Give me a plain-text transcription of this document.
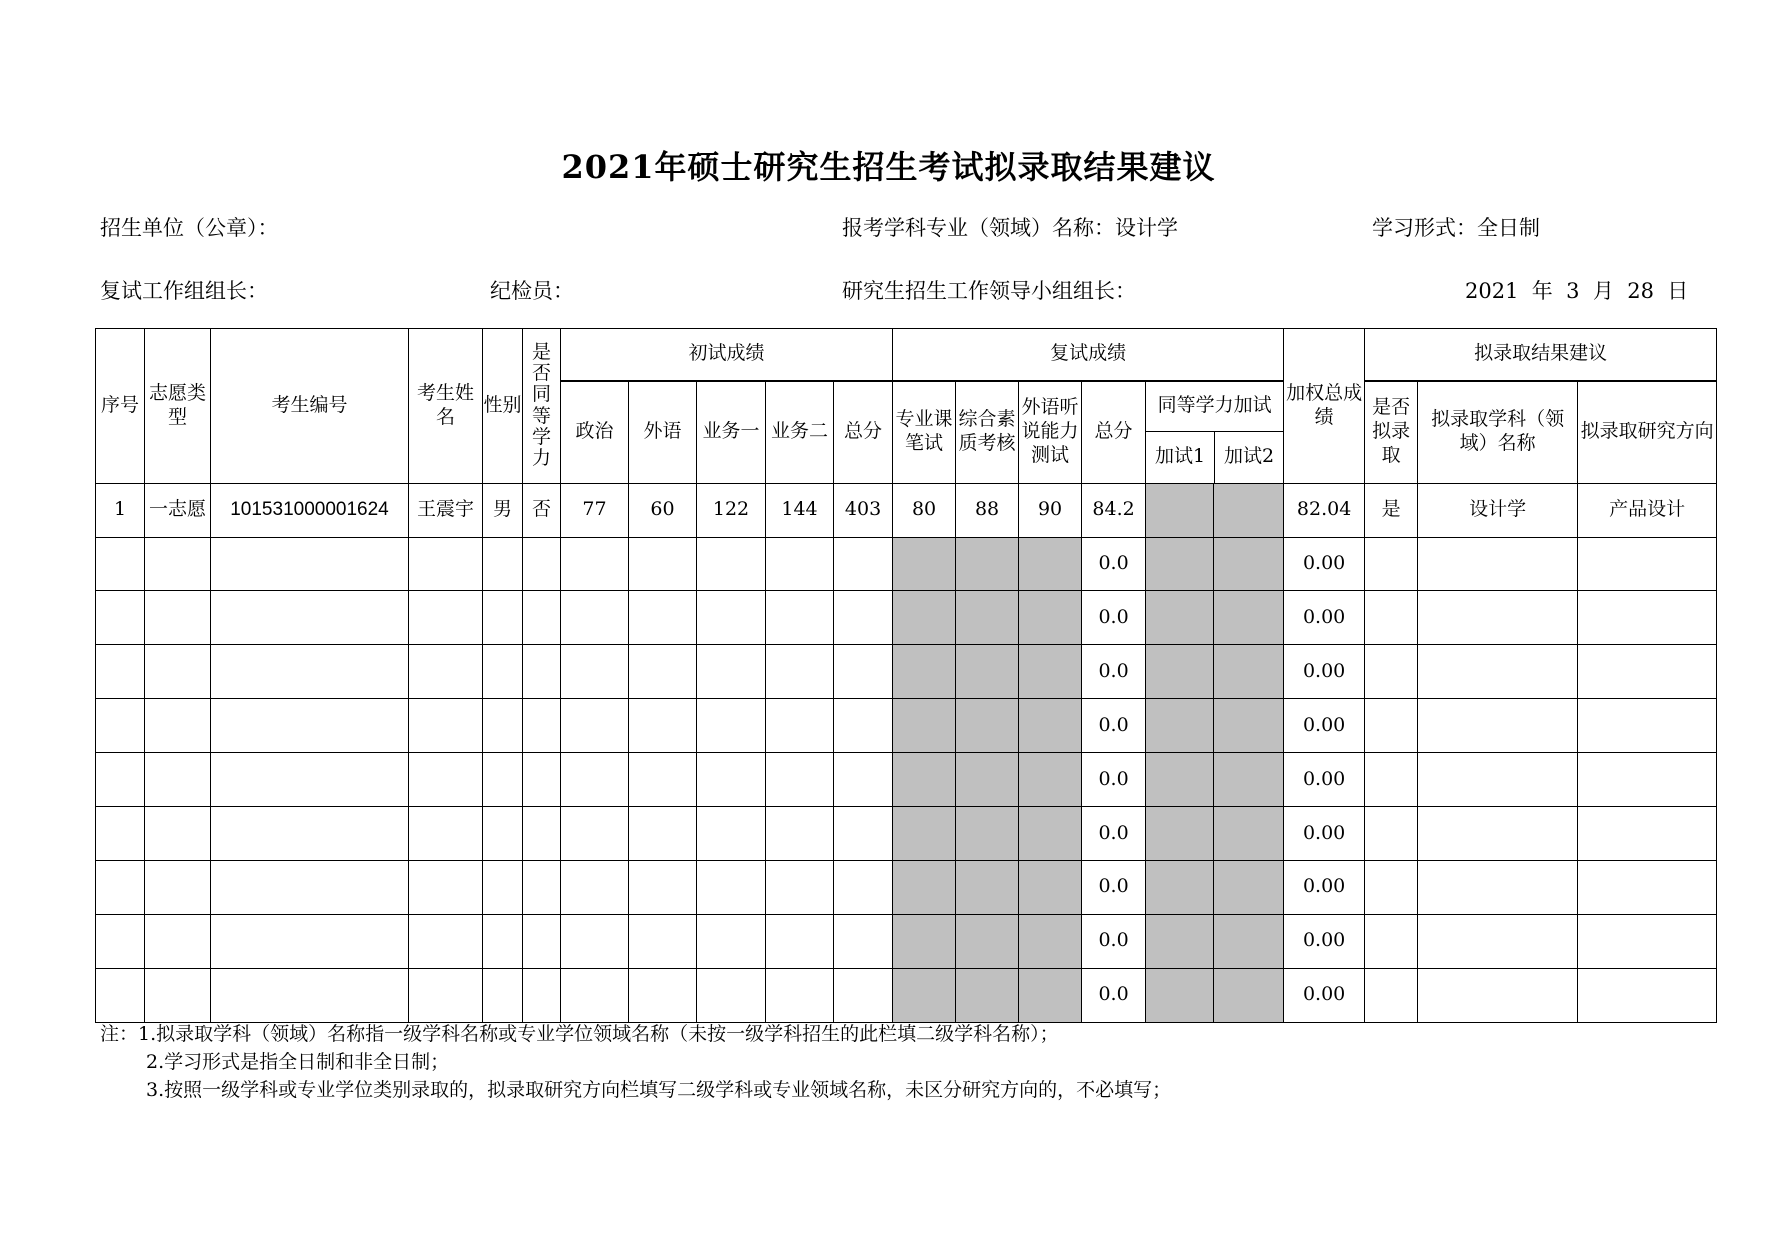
2021年硕士研究生招生考试拟录取结果建议
招生单位（公章）：	报考学科专业（领域）名称：设计学	学习形式：全日制
复试工作组组长：	纪检员：	研究生招生工作领导小组组长：	2021  年  3  月  28  日
序号	志愿类型	考生编号	考生姓名	性别	是否同等学力	初试成绩	复试成绩	加权总成绩	拟录取结果建议
政治	外语	业务一	业务二	总分	专业课笔试	综合素质考核	外语听说能力测试	总分	
同等学力加试
加试1	加试2
	是否拟录取	拟录取学科（领域）名称	拟录取研究方向
1	一志愿	101531000001624	王震宇	男	否	77	60	122	144	403	80	88	90	84.2			82.04	是	设计学	产品设计
														0.0			0.00			
														0.0			0.00			
														0.0			0.00			
														0.0			0.00			
														0.0			0.00			
														0.0			0.00			
														0.0			0.00			
														0.0			0.00			
														0.0			0.00			
注：1.拟录取学科（领域）名称指一级学科名称或专业学位领域名称（未按一级学科招生的此栏填二级学科名称）；
2.学习形式是指全日制和非全日制；
3.按照一级学科或专业学位类别录取的，拟录取研究方向栏填写二级学科或专业领域名称，未区分研究方向的，不必填写；
